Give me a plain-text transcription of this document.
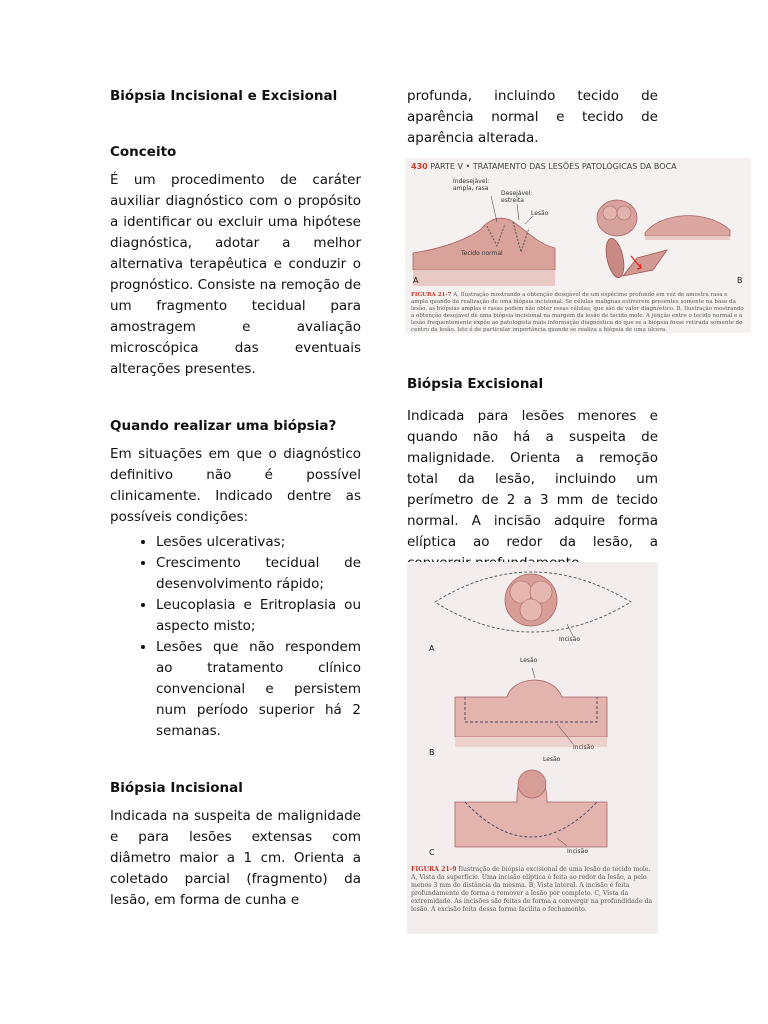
Biópsia Incisional e Excisional

Conceito

É um procedimento de caráter auxiliar diagnóstico com o propósito a identificar ou excluir uma hipótese diagnóstica, adotar a melhor alternativa terapêutica e conduzir o prognóstico. Consiste na remoção de um fragmento tecidual para amostragem e avaliação microscópica das eventuais alterações presentes.

Quando realizar uma biópsia?

Em situações em que o diagnóstico definitivo não é possível clinicamente. Indicado dentre as possíveis condições:

• Lesões ulcerativas;
• Crescimento tecidual de desenvolvimento rápido;
• Leucoplasia e Eritroplasia ou aspecto misto;
• Lesões que não respondem ao tratamento clínico convencional e persistem num período superior há 2 semanas.

Biópsia Incisional

Indicada na suspeita de malignidade e para lesões extensas com diâmetro maior a 1 cm. Orienta a coletado parcial (fragmento) da lesão, em forma de cunha e

profunda, incluindo tecido de aparência normal e tecido de aparência alterada.

430 PARTE V • TRATAMENTO DAS LESÕES PATOLÓGICAS DA BOCA
Indesejável: ampla, rasa
Desejável: estreita
Lesão
Tecido normal
A	B
FIGURA 21-7 A, Ilustração mostrando a obtenção desejável de um espécime profundo em vez de amostra rasa e ampla quando da realização de uma biópsia incisional. Se células malignas estiverem presentes somente na base da lesão, as biópsias amplas e rasas podem não obter essas células, que são de valor diagnóstico. B, Ilustração mostrando a obtenção desejável de uma biópsia incisional na margem da lesão de tecido mole. A junção entre o tecido normal e a lesão frequentemente expõe ao patologista mais informação diagnóstica do que se a biópsia fosse retirada somente do centro da lesão. Isto é de particular importância quando se realiza a biópsia de uma úlcera.

Biópsia Excisional

Indicada para lesões menores e quando não há a suspeita de malignidade. Orienta a remoção total da lesão, incluindo um perímetro de 2 a 3 mm de tecido normal. A incisão adquire forma elíptica ao redor da lesão, a

Incisão
A
Lesão
B
Incisão
Lesão
C	Incisão
FIGURA 21-9 Ilustração de biópsia excisional de uma lesão de tecido mole. A, Vista da superfície. Uma incisão elíptica é feita ao redor da lesão, a pelo menos 3 mm de distância da mesma. B, Vista lateral. A incisão é feita profundamente de forma a remover a lesão por completo. C, Vista da extremidade. As incisões são feitas de forma a convergir na profundidade da lesão. A excisão feita dessa forma facilita o fechamento.
